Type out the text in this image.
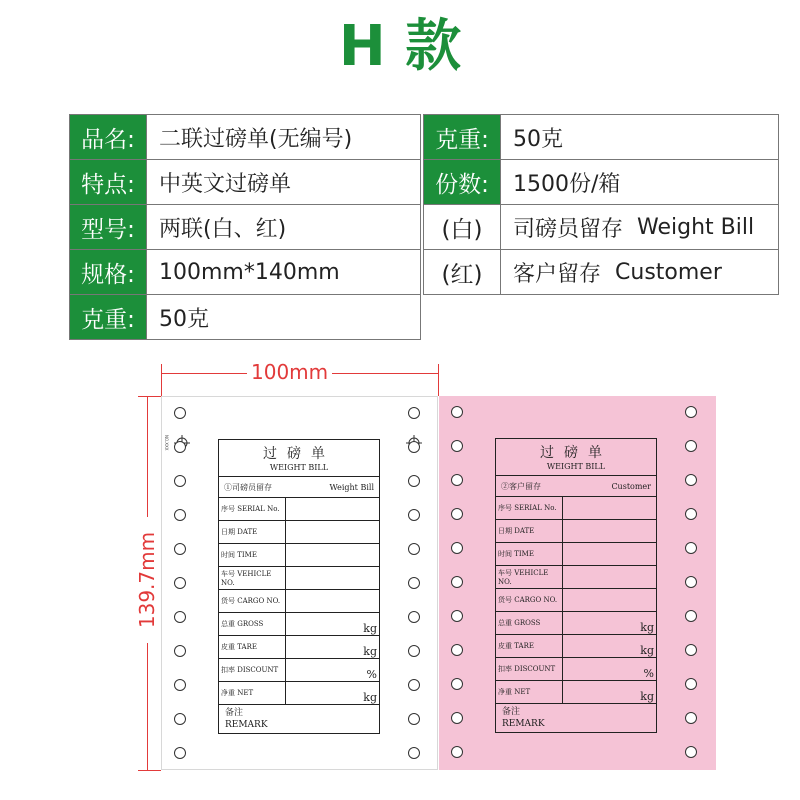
H 款
品名:	二联过磅单(无编号)
特点:	中英文过磅单
型号:	两联(白、红)
规格:	100mm*140mm
克重:	50克
克重:	50克
份数:	1500份/箱
(白)	司磅员留存 Weight Bill
(红)	客户留存 Customer
100mm
139.7mm
NO.XXX
过磅单
WEIGHT BILL
①司磅员留存	Weight Bill
序号 SERIAL No.
日期 DATE
时间 TIME
车号 VEHICLE NO.
货号 CARGO NO.
总重 GROSS	kg
皮重 TARE	kg
扣率 DISCOUNT	%
净重 NET	kg
备注
REMARK
过磅单
WEIGHT BILL
②客户留存	Customer
序号 SERIAL No.
日期 DATE
时间 TIME
车号 VEHICLE NO.
货号 CARGO NO.
总重 GROSS	kg
皮重 TARE	kg
扣率 DISCOUNT	%
净重 NET	kg
备注
REMARK
